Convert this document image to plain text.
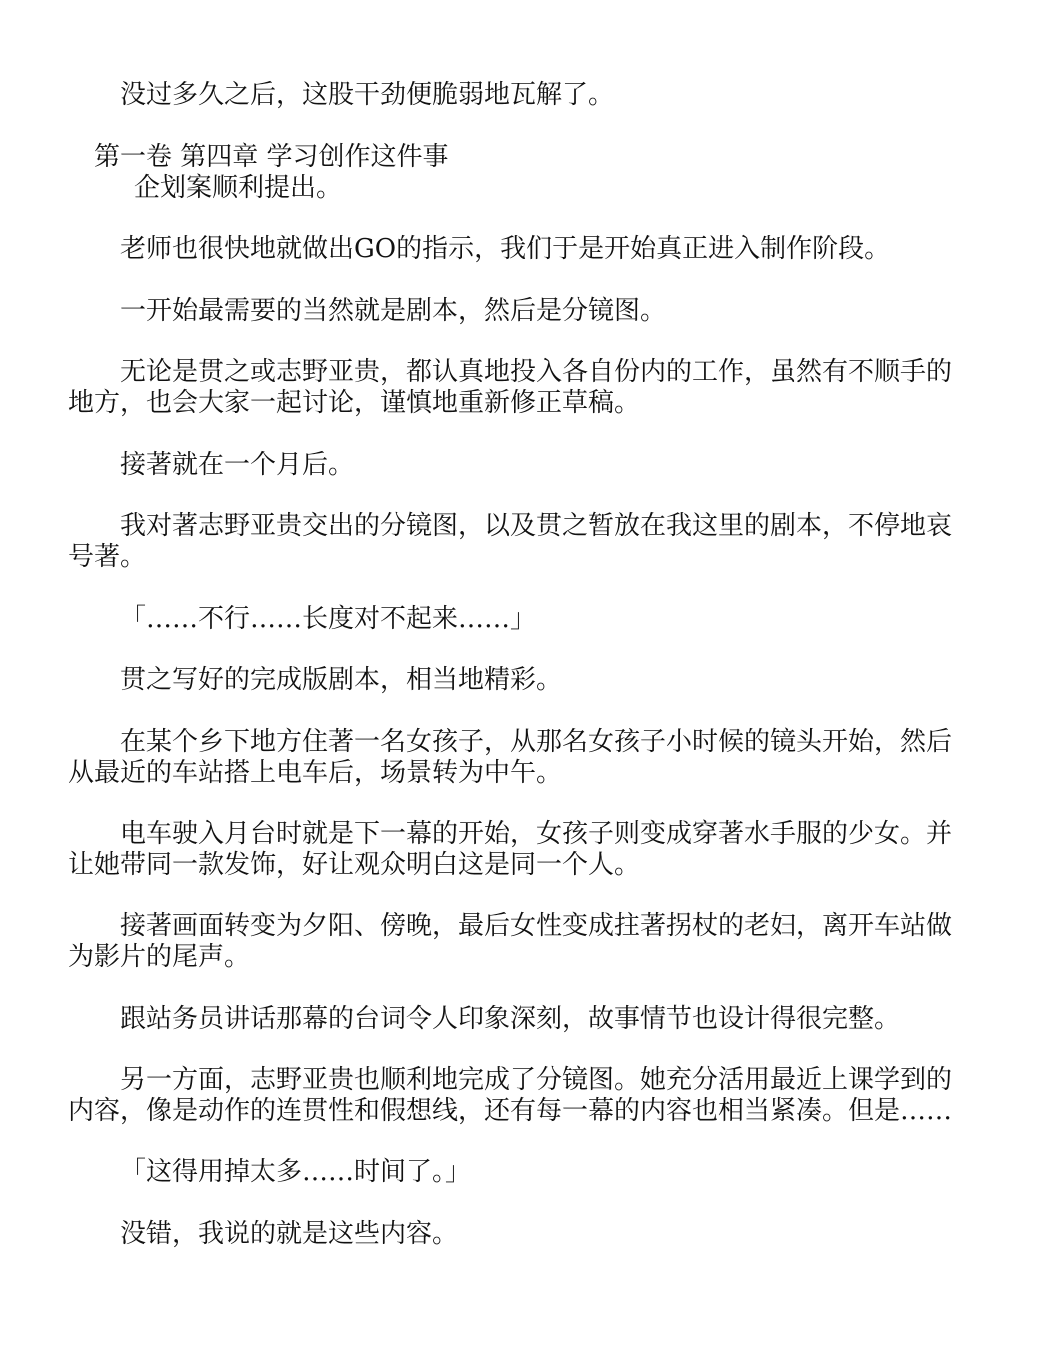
没过多久之后，这股干劲便脆弱地瓦解了。
第一卷 第四章 学习创作这件事
企划案顺利提出。
老师也很快地就做出GO的指示，我们于是开始真正进入制作阶段。
一开始最需要的当然就是剧本，然后是分镜图。
无论是贯之或志野亚贵，都认真地投入各自份内的工作，虽然有不顺手的
地方，也会大家一起讨论，谨慎地重新修正草稿。
接著就在一个月后。
我对著志野亚贵交出的分镜图，以及贯之暂放在我这里的剧本，不停地哀
号著。
「……不行……长度对不起来……」
贯之写好的完成版剧本，相当地精彩。
在某个乡下地方住著一名女孩子，从那名女孩子小时候的镜头开始，然后
从最近的车站搭上电车后，场景转为中午。
电车驶入月台时就是下一幕的开始，女孩子则变成穿著水手服的少女。并
让她带同一款发饰，好让观众明白这是同一个人。
接著画面转变为夕阳、傍晚，最后女性变成拄著拐杖的老妇，离开车站做
为影片的尾声。
跟站务员讲话那幕的台词令人印象深刻，故事情节也设计得很完整。
另一方面，志野亚贵也顺利地完成了分镜图。她充分活用最近上课学到的
内容，像是动作的连贯性和假想线，还有每一幕的内容也相当紧凑。但是……
「这得用掉太多……时间了。」
没错，我说的就是这些内容。
